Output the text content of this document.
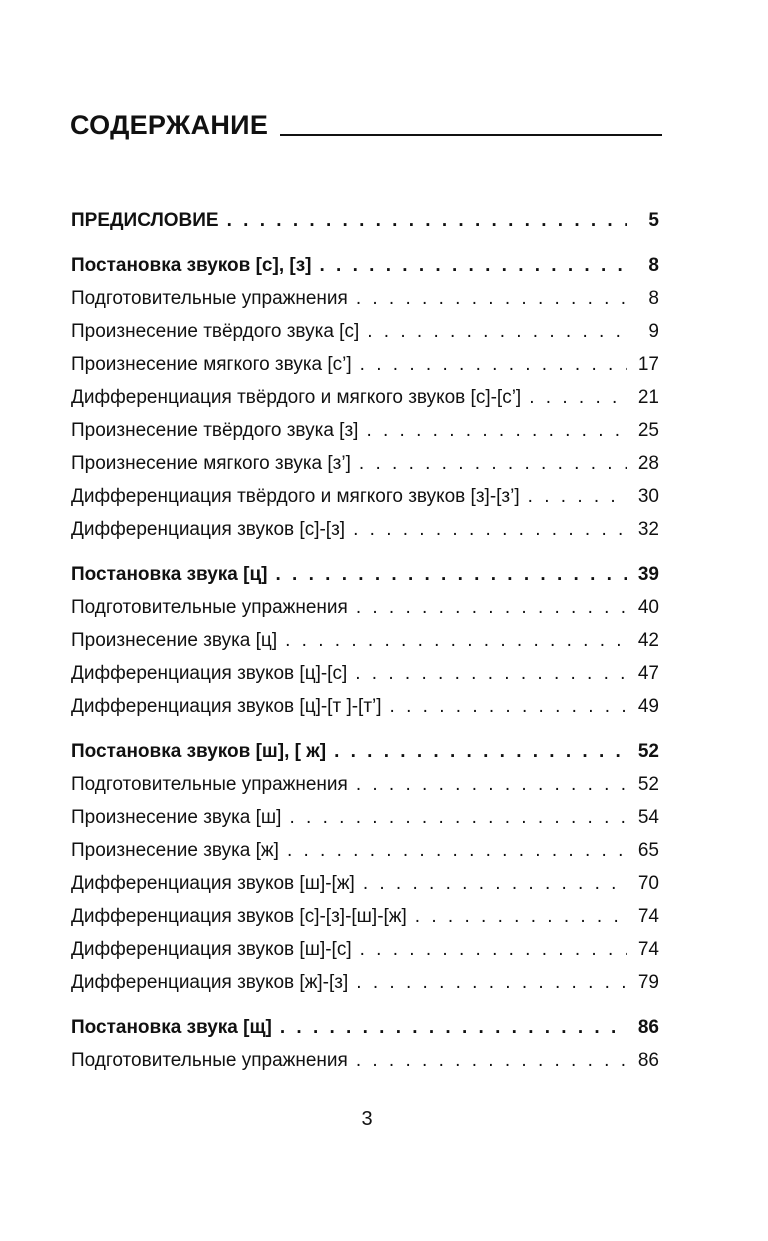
СОДЕРЖАНИЕ
ПРЕДИСЛОВИЕ . . .	5
Постановка звуков [с], [з] . . .	8
Подготовительные упражнения . . .	8
Произнесение твёрдого звука [с] . . .	9
Произнесение мягкого звука [с’] . . .	17
Дифференциация твёрдого и мягкого звуков [с]-[с’] . . .	21
Произнесение твёрдого звука [з] . . .	25
Произнесение мягкого звука [з’] . . .	28
Дифференциация твёрдого и мягкого звуков [з]-[з’] . . .	30
Дифференциация звуков [с]-[з] . . .	32
Постановка звука [ц] . . .	39
Подготовительные упражнения . . .	40
Произнесение звука [ц] . . .	42
Дифференциация звуков [ц]-[с] . . .	47
Дифференциация звуков [ц]-[т ]-[т’] . . .	49
Постановка звуков [ш], [ ж] . . .	52
Подготовительные упражнения . . .	52
Произнесение звука [ш] . . .	54
Произнесение звука [ж] . . .	65
Дифференциация звуков [ш]-[ж] . . .	70
Дифференциация звуков [с]-[з]-[ш]-[ж] . . .	74
Дифференциация звуков [ш]-[с] . . .	74
Дифференциация звуков [ж]-[з] . . .	79
Постановка звука [щ] . . .	86
Подготовительные упражнения . . .	86
3
